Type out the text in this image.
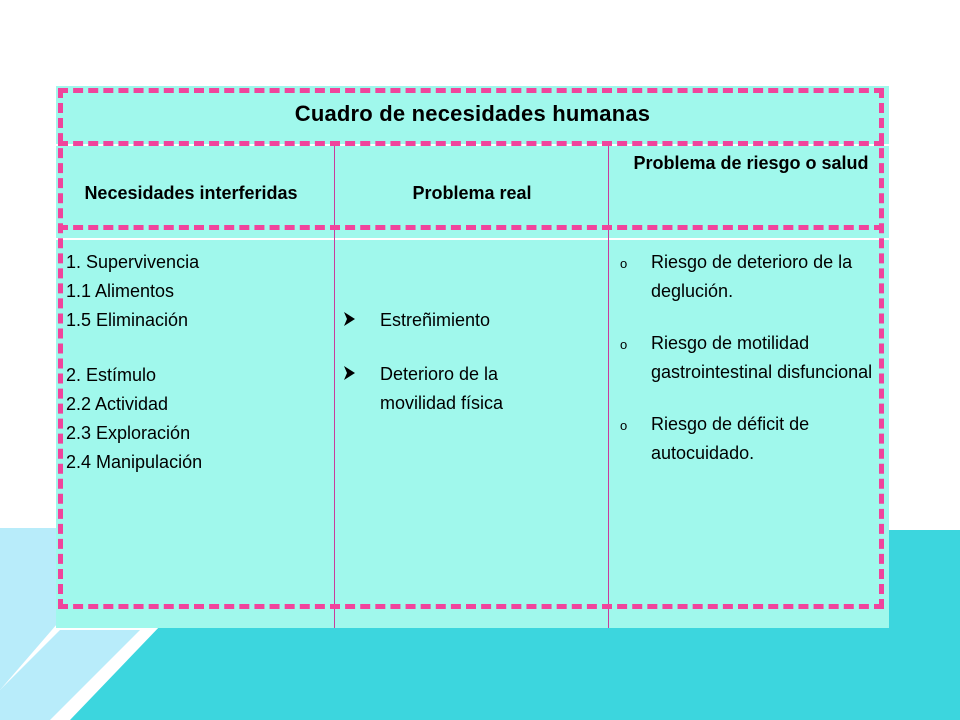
Cuadro de necesidades humanas
Necesidades interferidas	Problema real
Problema de riesgo o salud
1. Supervivencia
1.1 Alimentos
1.5 Eliminación
2. Estímulo
2.2 Actividad
2.3 Exploración
2.4 Manipulación
Estreñimiento
Deterioro de la movilidad física
o Riesgo de deterioro de la deglución.
o Riesgo de motilidad gastrointestinal disfuncional
o Riesgo de déficit de autocuidado.
